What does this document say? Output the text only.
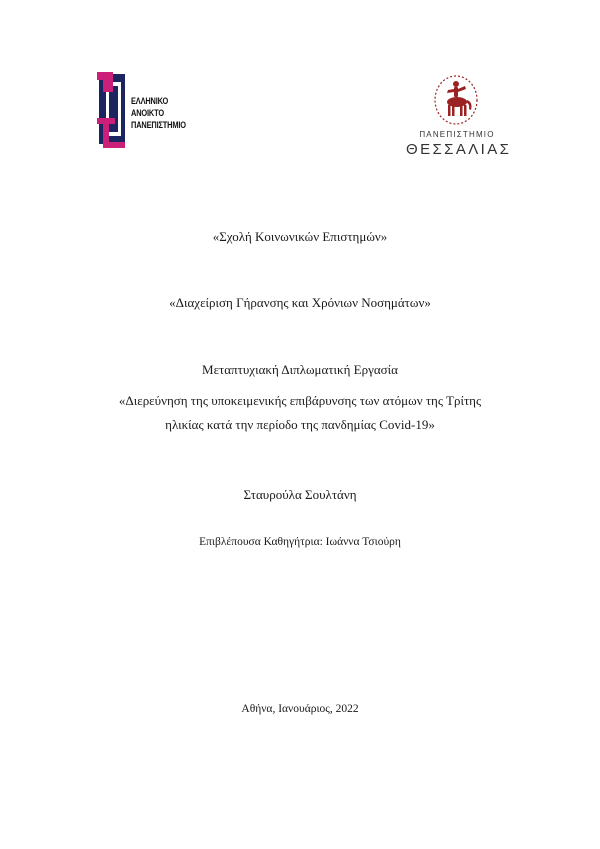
ΕΛΛΗΝΙΚΟ
ΑΝΟΙΚΤΟ
ΠΑΝΕΠΙΣΤΗΜΙΟ
ΠΑΝΕΠΙΣΤΗΜΙΟ
ΘΕΣΣΑΛΙΑΣ
«Σχολή Κοινωνικών Επιστημών»
«Διαχείριση Γήρανσης και Χρόνιων Νοσημάτων»
Μεταπτυχιακή Διπλωματική Εργασία
«Διερεύνηση της υποκειμενικής επιβάρυνσης των ατόμων της Τρίτης
ηλικίας κατά την περίοδο της πανδημίας Covid-19»
Σταυρούλα Σουλτάνη
Επιβλέπουσα Καθηγήτρια: Ιωάννα Τσιούρη
Αθήνα, Ιανουάριος, 2022
